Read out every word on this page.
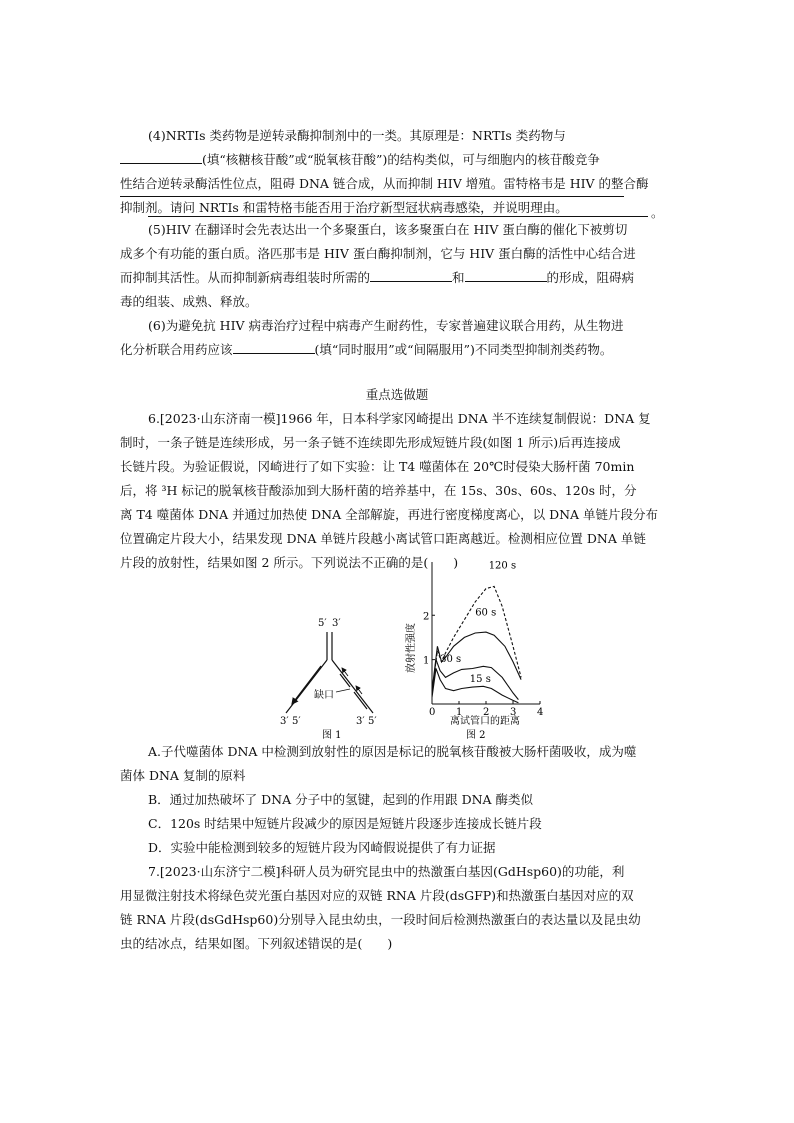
(4)NRTIs 类药物是逆转录酶抑制剂中的一类。其原理是：NRTIs 类药物与
(填“核糖核苷酸”或“脱氧核苷酸”)的结构类似，可与细胞内的核苷酸竞争
性结合逆转录酶活性位点，阻碍 DNA 链合成，从而抑制 HIV 增殖。雷特格韦是 HIV 的整合酶
抑制剂。请问 NRTIs 和雷特格韦能否用于治疗新型冠状病毒感染，并说明理由。	。
(5)HIV 在翻译时会先表达出一个多聚蛋白，该多聚蛋白在 HIV 蛋白酶的催化下被剪切
成多个有功能的蛋白质。洛匹那韦是 HIV 蛋白酶抑制剂，它与 HIV 蛋白酶的活性中心结合进
而抑制其活性。从而抑制新病毒组装时所需的	和	的形成，阻碍病
毒的组装、成熟、释放。
(6)为避免抗 HIV 病毒治疗过程中病毒产生耐药性，专家普遍建议联合用药，从生物进
化分析联合用药应该	(填“同时服用”或“间隔服用”)不同类型抑制剂类药物。
重点选做题
6.[2023·山东济南一模]1966 年，日本科学家冈崎提出 DNA 半不连续复制假说：DNA 复
制时，一条子链是连续形成，另一条子链不连续即先形成短链片段(如图 1 所示)后再连接成
长链片段。为验证假说，冈崎进行了如下实验：让 T4 噬菌体在 20℃时侵染大肠杆菌 70min
后，将 ³H 标记的脱氧核苷酸添加到大肠杆菌的培养基中，在 15s、30s、60s、120s 时，分
离 T4 噬菌体 DNA 并通过加热使 DNA 全部解旋，再进行密度梯度离心，以 DNA 单链片段分布
位置确定片段大小，结果发现 DNA 单链片段越小离试管口距离越近。检测相应位置 DNA 单链
片段的放射性，结果如图 2 所示。下列说法不正确的是(　　)
5′ 3′
缺口
3′ 5′	3′ 5′
图 1
放射性强度
离试管口的距离
图 2
0 1 2 3 4
1
2
120 s
60 s
30 s
15 s
A.子代噬菌体 DNA 中检测到放射性的原因是标记的脱氧核苷酸被大肠杆菌吸收，成为噬
菌体 DNA 复制的原料
B．通过加热破坏了 DNA 分子中的氢键，起到的作用跟 DNA 酶类似
C．120s 时结果中短链片段减少的原因是短链片段逐步连接成长链片段
D．实验中能检测到较多的短链片段为冈崎假说提供了有力证据
7.[2023·山东济宁二模]科研人员为研究昆虫中的热激蛋白基因(GdHsp60)的功能，利
用显微注射技术将绿色荧光蛋白基因对应的双链 RNA 片段(dsGFP)和热激蛋白基因对应的双
链 RNA 片段(dsGdHsp60)分别导入昆虫幼虫，一段时间后检测热激蛋白的表达量以及昆虫幼
虫的结冰点，结果如图。下列叙述错误的是(　　)
